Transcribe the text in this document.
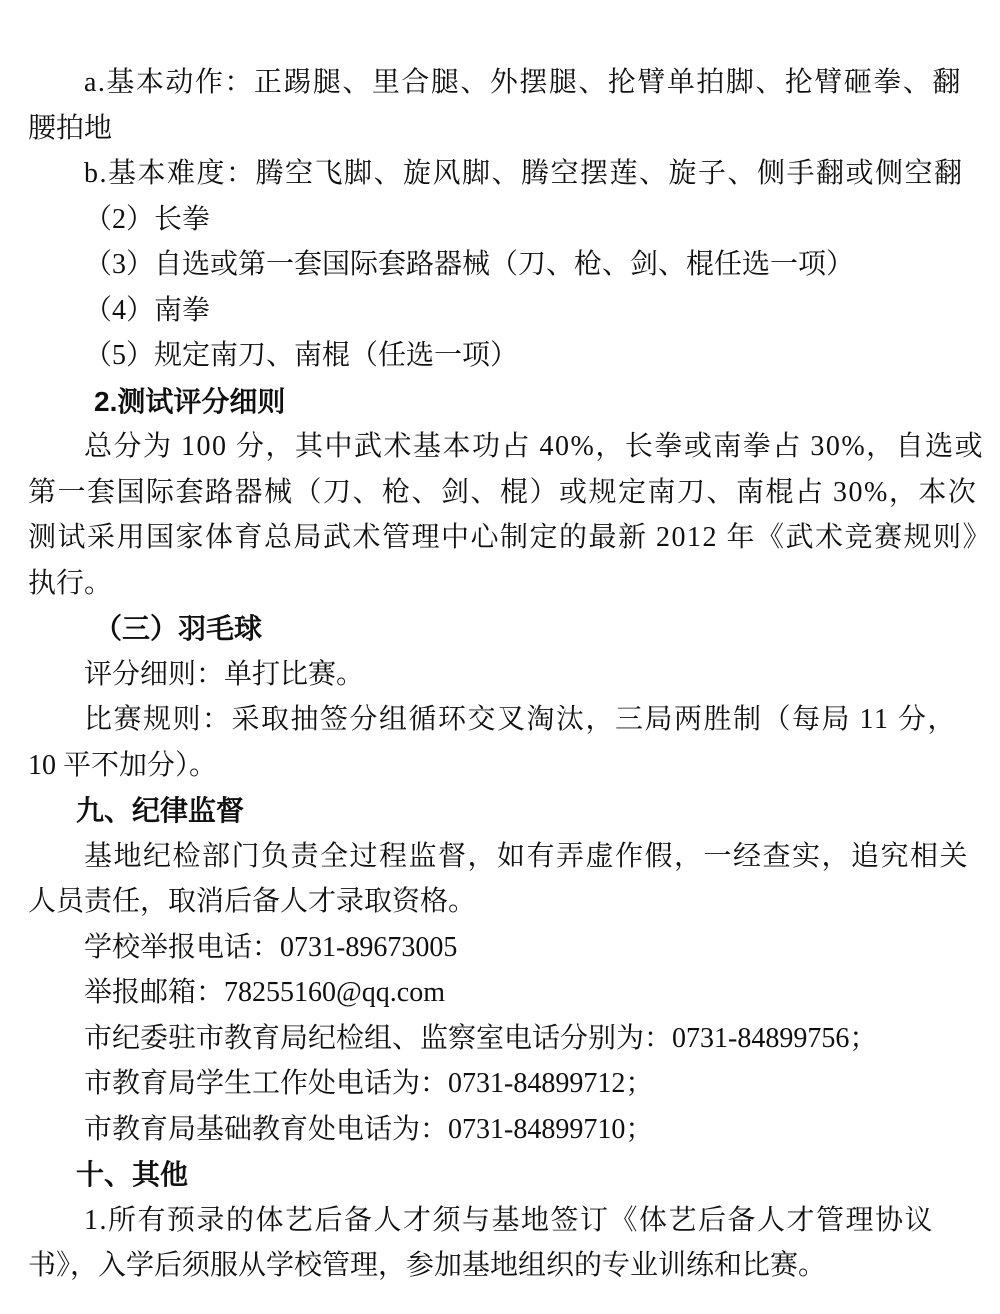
a.基本动作：正踢腿、里合腿、外摆腿、抡臂单拍脚、抡臂砸拳、翻
腰拍地
b.基本难度：腾空飞脚、旋风脚、腾空摆莲、旋子、侧手翻或侧空翻
（2）长拳
（3）自选或第一套国际套路器械（刀、枪、剑、棍任选一项）
（4）南拳
（5）规定南刀、南棍（任选一项）
2.测试评分细则
总分为 100 分，其中武术基本功占 40%，长拳或南拳占 30%，自选或
第一套国际套路器械（刀、枪、剑、棍）或规定南刀、南棍占 30%，本次
测试采用国家体育总局武术管理中心制定的最新 2012 年《武术竞赛规则》
执行。
（三）羽毛球
评分细则：单打比赛。
比赛规则：采取抽签分组循环交叉淘汰，三局两胜制（每局 11 分，
10 平不加分）。
九、纪律监督
基地纪检部门负责全过程监督，如有弄虚作假，一经查实，追究相关
人员责任，取消后备人才录取资格。
学校举报电话：0731-89673005
举报邮箱：78255160@qq.com
市纪委驻市教育局纪检组、监察室电话分别为：0731-84899756；
市教育局学生工作处电话为：0731-84899712；
市教育局基础教育处电话为：0731-84899710；
十、其他
1.所有预录的体艺后备人才须与基地签订《体艺后备人才管理协议
书》，入学后须服从学校管理，参加基地组织的专业训练和比赛。
